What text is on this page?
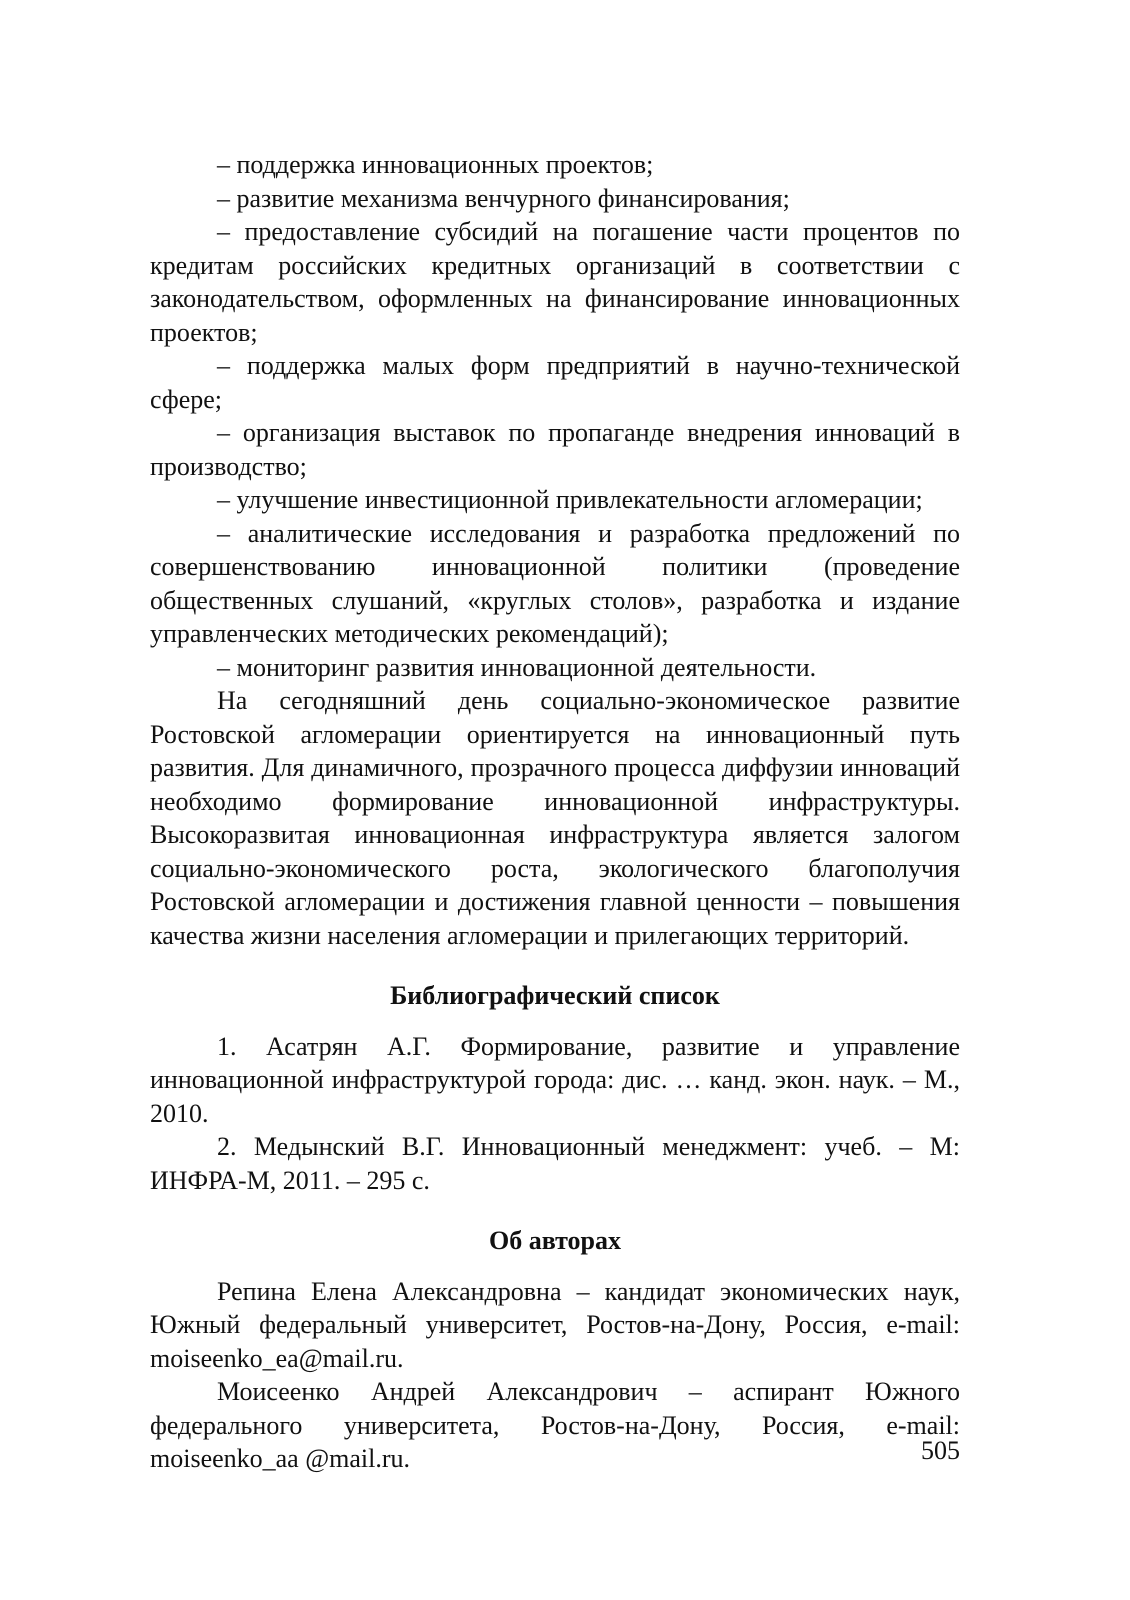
– поддержка инновационных проектов;

– развитие механизма венчурного финансирования;

– предоставление субсидий на погашение части процентов по кредитам российских кредитных организаций в соответствии с законодательством, оформленных на финансирование инновационных проектов;

– поддержка малых форм предприятий в научно-технической сфере;

– организация выставок по пропаганде внедрения инноваций в производство;

– улучшение инвестиционной привлекательности агломерации;

– аналитические исследования и разработка предложений по совершенствованию инновационной политики (проведение общественных слушаний, «круглых столов», разработка и издание управленческих методических рекомендаций);

– мониторинг развития инновационной деятельности.

На сегодняшний день социально-экономическое развитие Ростовской агломерации ориентируется на инновационный путь развития. Для динамичного, прозрачного процесса диффузии инноваций необходимо формирование инновационной инфраструктуры. Высокоразвитая инновационная инфраструктура является залогом социально-экономического роста, экологического благополучия Ростовской агломерации и достижения главной ценности – повышения качества жизни населения агломерации и прилегающих территорий.

Библиографический список

1. Асатрян А.Г. Формирование, развитие и управление инновационной инфраструктурой города: дис. … канд. экон. наук. – М., 2010.

2. Медынский В.Г. Инновационный менеджмент: учеб. – М: ИНФРА-М, 2011. – 295 с.

Об авторах

Репина Елена Александровна – кандидат экономических наук, Южный федеральный университет, Ростов-на-Дону, Россия, e-mail: moiseenko_ea@mail.ru.

Моисеенко Андрей Александрович – аспирант Южного федерального университета, Ростов-на-Дону, Россия, e-mail: moiseenko_aa @mail.ru.	505
